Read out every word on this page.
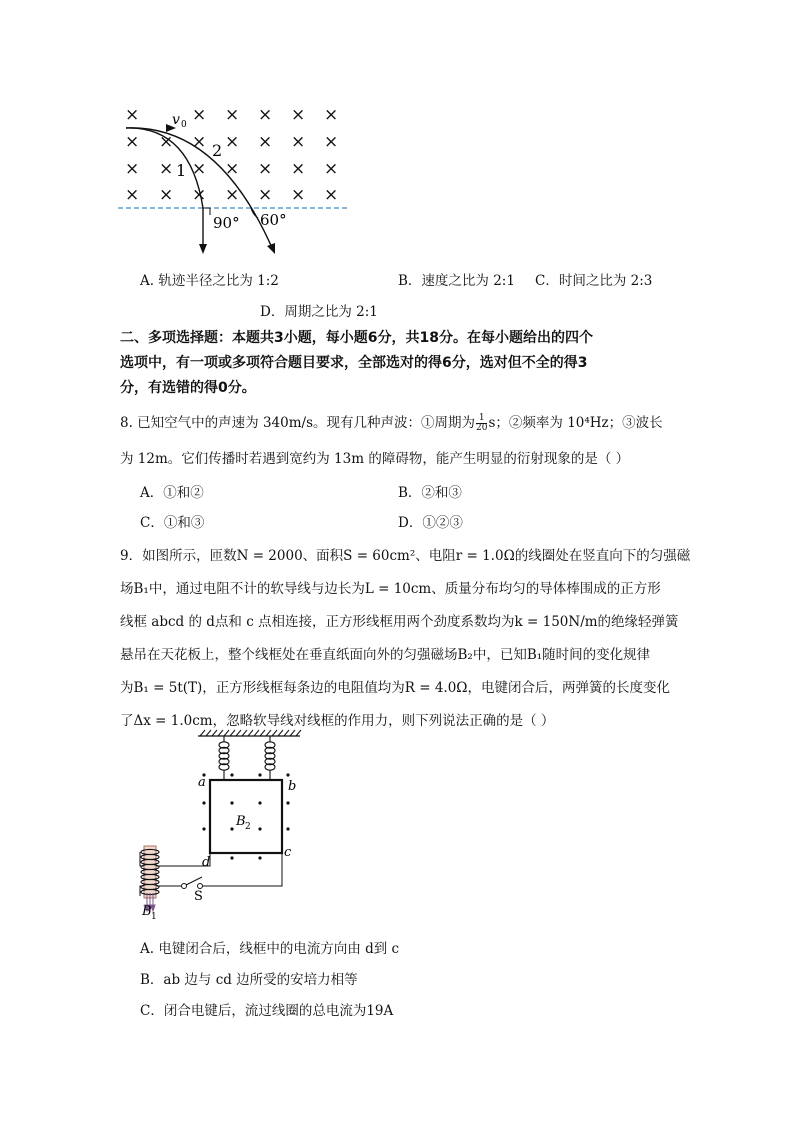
×	× × × × ×
× × × × × × ×
× × × × × × ×
× × × × × × ×
v 0
1
2
90° 60°
A. 轨迹半径之比为 1:2	B．速度之比为 2:1 C．时间之比为 2:3
D．周期之比为 2:1
二、多项选择题：本题共3小题，每小题6分，共18分。在每小题给出的四个
选项中，有一项或多项符合题目要求，全部选对的得6分，选对但不全的得3
分，有选错的得0分。
8. 已知空气中的声速为 340m/s。现有几种声波：①周期为 $\frac{1}{20}$ s；②频率为 10⁴Hz；③波长
为 12m。它们传播时若遇到宽约为 13m 的障碍物，能产生明显的衍射现象的是（ ）
A．①和②	B．②和③
C．①和③	D．①②③
9．如图所示，匝数N = 2000、面积S = 60cm²、电阻r = 1.0Ω的线圈处在竖直向下的匀强磁
场B₁中，通过电阻不计的软导线与边长为L = 10cm、质量分布均匀的导体棒围成的正方形
线框 abcd 的 d点和 c 点相连接，正方形线框用两个劲度系数均为k = 150N/m的绝缘轻弹簧
悬吊在天花板上，整个线框处在垂直纸面向外的匀强磁场B₂中，已知B₁随时间的变化规律
为B₁ = 5t(T)，正方形线框每条边的电阻值均为R = 4.0Ω，电键闭合后，两弹簧的长度变化
了Δx = 1.0cm，忽略软导线对线框的作用力，则下列说法正确的是（ ）
a	b
c
d
B 2
B 1
S
A. 电键闭合后，线框中的电流方向由 d到 c
B．ab 边与 cd 边所受的安培力相等
C．闭合电键后，流过线圈的总电流为19A
